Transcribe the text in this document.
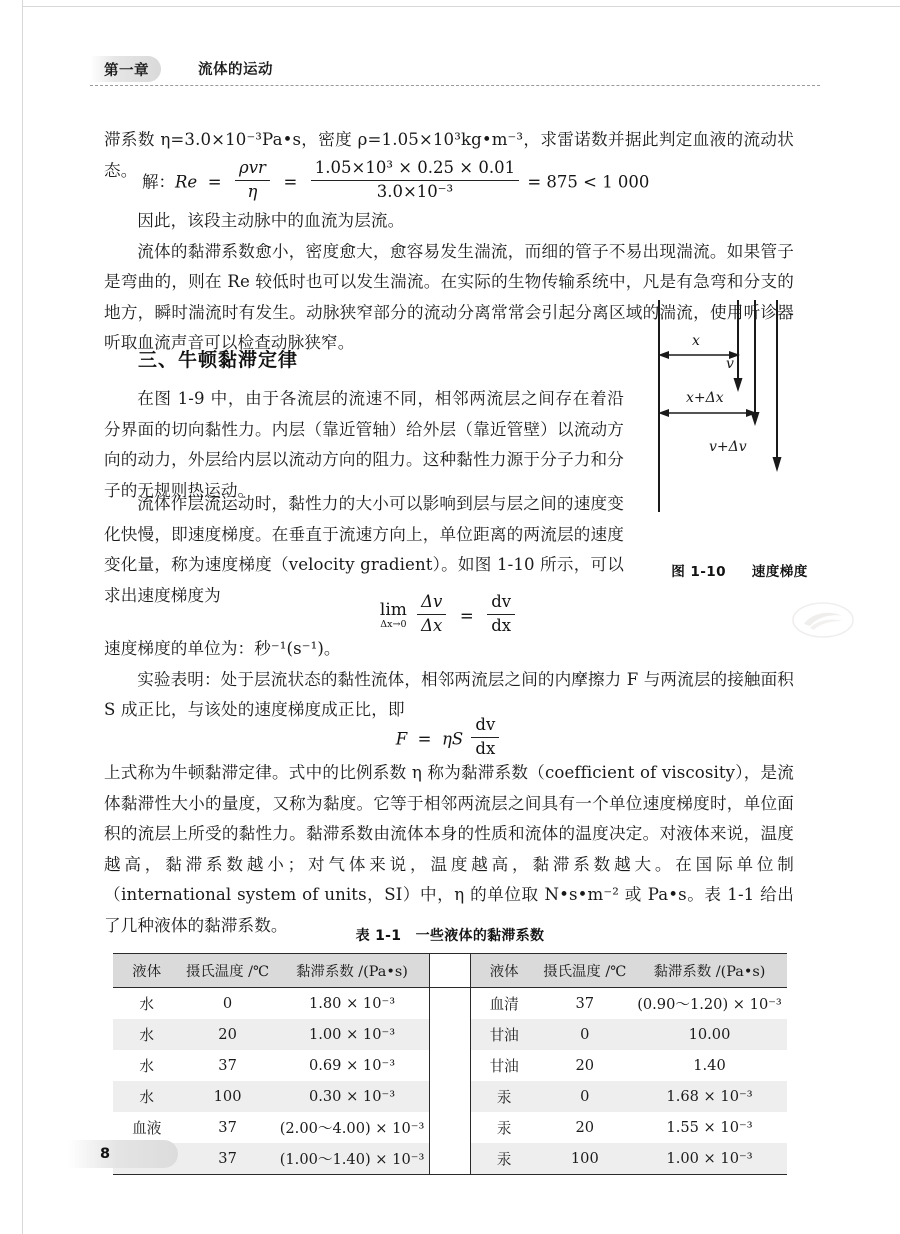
第一章	流体的运动

滞系数 η=3.0×10⁻³Pa•s，密度 ρ=1.05×10³kg•m⁻³，求雷诺数并据此判定血液的流动状态。

解：$Re = \frac{\text{ρvr}}{\eta} = \frac{\text{1.05×10³ × 0.25 × 0.01}}{\text{3.0×10⁻³}} = 875 < 1$ 000

因此，该段主动脉中的血流为层流。

流体的黏滞系数愈小，密度愈大，愈容易发生湍流，而细的管子不易出现湍流。如果管子是弯曲的，则在 Re 较低时也可以发生湍流。在实际的生物传输系统中，凡是有急弯和分支的地方，瞬时湍流时有发生。动脉狭窄部分的流动分离常常会引起分离区域的湍流，使用听诊器听取血流声音可以检查动脉狭窄。

三、牛顿黏滞定律

在图 1-9 中，由于各流层的流速不同，相邻两流层之间存在着沿分界面的切向黏性力。内层（靠近管轴）给外层（靠近管壁）以流动方向的动力，外层给内层以流动方向的阻力。这种黏性力源于分子力和分子的无规则热运动。

流体作层流运动时，黏性力的大小可以影响到层与层之间的速度变化快慢，即速度梯度。在垂直于流速方向上，单位距离的两流层的速度变化量，称为速度梯度（velocity gradient）。如图 1-10 所示，可以求出速度梯度为

lim
Δx→0
$\frac{\Delta v}{\Delta x} = \frac{dv}{dx}$

速度梯度的单位为：秒⁻¹(s⁻¹)。

实验表明：处于层流状态的黏性流体，相邻两流层之间的内摩擦力 F 与两流层的接触面积 S 成正比，与该处的速度梯度成正比，即

F  =  ηS $\frac{dv}{dx}$

上式称为牛顿黏滞定律。式中的比例系数 η 称为黏滞系数（coefficient of viscosity），是流体黏滞性大小的量度，又称为黏度。它等于相邻两流层之间具有一个单位速度梯度时，单位面积的流层上所受的黏性力。黏滞系数由流体本身的性质和流体的温度决定。对液体来说，温度越高，黏滞系数越小；对气体来说，温度越高，黏滞系数越大。在国际单位制（international system of units，SI）中，η 的单位取 N•s•m⁻² 或 Pa•s。表 1-1 给出了几种液体的黏滞系数。

x
v
x+Δx
v+Δv
图 1-10 速度梯度
表 1-1　一些液体的黏滞系数
液体	摄氏温度 /℃	黏滞系数 /(Pa•s)		液体	摄氏温度 /℃	黏滞系数 /(Pa•s)
水	0	1.80 × 10⁻³		血清	37	(0.90～1.20) × 10⁻³
水	20	1.00 × 10⁻³		甘油	0	10.00
水	37	0.69 × 10⁻³		甘油	20	1.40
水	100	0.30 × 10⁻³		汞	0	1.68 × 10⁻³
血液	37	(2.00～4.00) × 10⁻³		汞	20	1.55 × 10⁻³
	37	(1.00～1.40) × 10⁻³		汞	100	1.00 × 10⁻³
8
